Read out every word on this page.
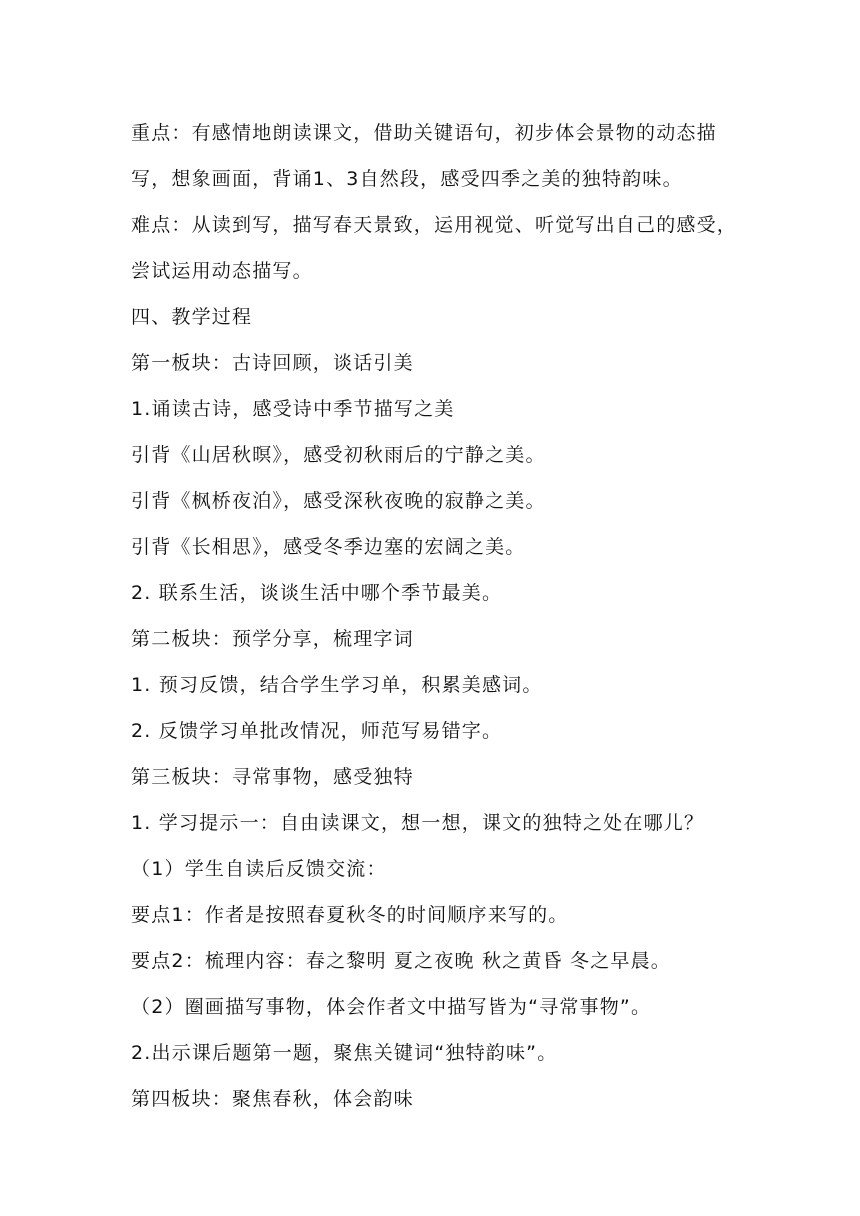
重点：有感情地朗读课文，借助关键语句，初步体会景物的动态描
写，想象画面，背诵1、3自然段，感受四季之美的独特韵味。
难点：从读到写，描写春天景致，运用视觉、听觉写出自己的感受，
尝试运用动态描写。
四、教学过程
第一板块：古诗回顾，谈话引美
1.诵读古诗，感受诗中季节描写之美
引背《山居秋暝》，感受初秋雨后的宁静之美。
引背《枫桥夜泊》，感受深秋夜晚的寂静之美。
引背《长相思》，感受冬季边塞的宏阔之美。
2. 联系生活，谈谈生活中哪个季节最美。
第二板块：预学分享，梳理字词
1. 预习反馈，结合学生学习单，积累美感词。
2. 反馈学习单批改情况，师范写易错字。
第三板块：寻常事物，感受独特
1. 学习提示一：自由读课文，想一想，课文的独特之处在哪儿？
（1）学生自读后反馈交流：
要点1：作者是按照春夏秋冬的时间顺序来写的。
要点2：梳理内容：春之黎明 夏之夜晚 秋之黄昏 冬之早晨。
（2）圈画描写事物，体会作者文中描写皆为“寻常事物”。
2.出示课后题第一题，聚焦关键词“独特韵味”。
第四板块：聚焦春秋，体会韵味
